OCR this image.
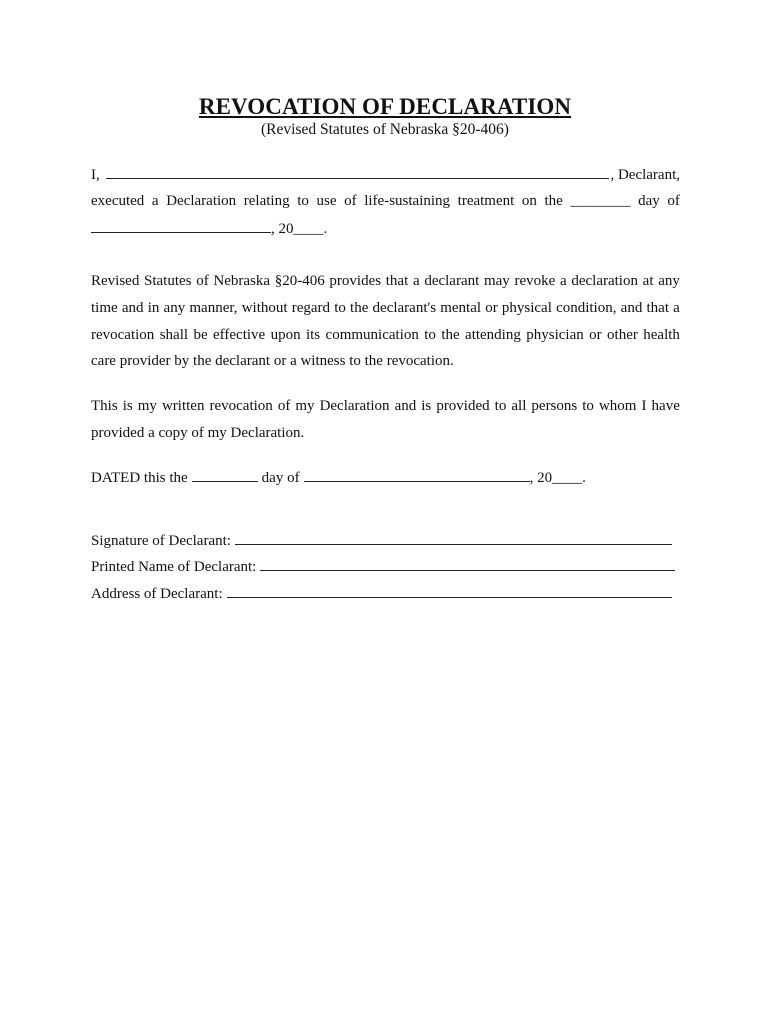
REVOCATION OF DECLARATION
(Revised Statutes of Nebraska §20-406)
I,	, Declarant,
executed a Declaration relating to use of life-sustaining treatment on the ________ day of
, 20____.
Revised Statutes of Nebraska §20-406 provides that a declarant may revoke a declaration at any
time and in any manner, without regard to the declarant's mental or physical condition, and that a
revocation shall be effective upon its communication to the attending physician or other health
care provider by the declarant or a witness to the revocation.
This is my written revocation of my Declaration and is provided to all persons to whom I have
provided a copy of my Declaration.
DATED this the	day of	, 20____.
Signature of Declarant:
Printed Name of Declarant:
Address of Declarant:
